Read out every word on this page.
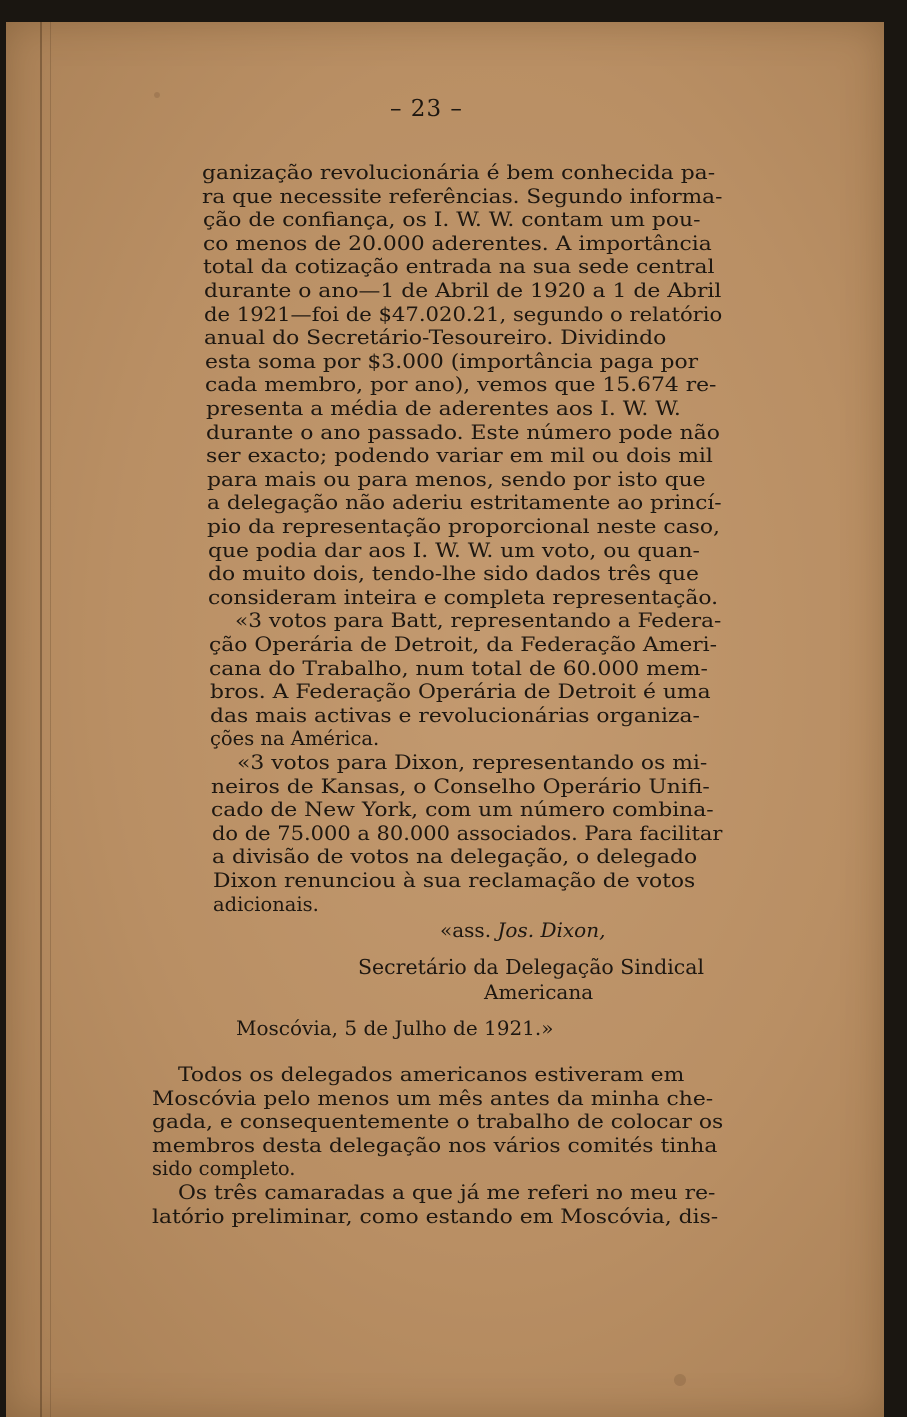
– 23 –
ganização revolucionária é bem conhecida pa-
ra que necessite referências. Segundo informa-
ção de confiança, os I. W. W. contam um pou-
co menos de 20.000 aderentes. A importância
total da cotização entrada na sua sede central
durante o ano—1 de Abril de 1920 a 1 de Abril
de 1921—foi de $47.020.21, segundo o relatório
anual do Secretário-Tesoureiro. Dividindo
esta soma por $3.000 (importância paga por
cada membro, por ano), vemos que 15.674 re-
presenta a média de aderentes aos I. W. W.
durante o ano passado. Este número pode não
ser exacto; podendo variar em mil ou dois mil
para mais ou para menos, sendo por isto que
a delegação não aderiu estritamente ao princí-
pio da representação proporcional neste caso,
que podia dar aos I. W. W. um voto, ou quan-
do muito dois, tendo-lhe sido dados três que
consideram inteira e completa representação.
«3 votos para Batt, representando a Federa-
ção Operária de Detroit, da Federação Ameri-
cana do Trabalho, num total de 60.000 mem-
bros. A Federação Operária de Detroit é uma
das mais activas e revolucionárias organiza-
ções na América.
«3 votos para Dixon, representando os mi-
neiros de Kansas, o Conselho Operário Unifi-
cado de New York, com um número combina-
do de 75.000 a 80.000 associados. Para facilitar
a divisão de votos na delegação, o delegado
Dixon renunciou à sua reclamação de votos
adicionais.
«ass. Jos. Dixon,
Secretário da Delegação Sindical
Americana
Moscóvia, 5 de Julho de 1921.»
Todos os delegados americanos estiveram em
Moscóvia pelo menos um mês antes da minha che-
gada, e consequentemente o trabalho de colocar os
membros desta delegação nos vários comités tinha
sido completo.
Os três camaradas a que já me referi no meu re-
latório preliminar, como estando em Moscóvia, dis-
